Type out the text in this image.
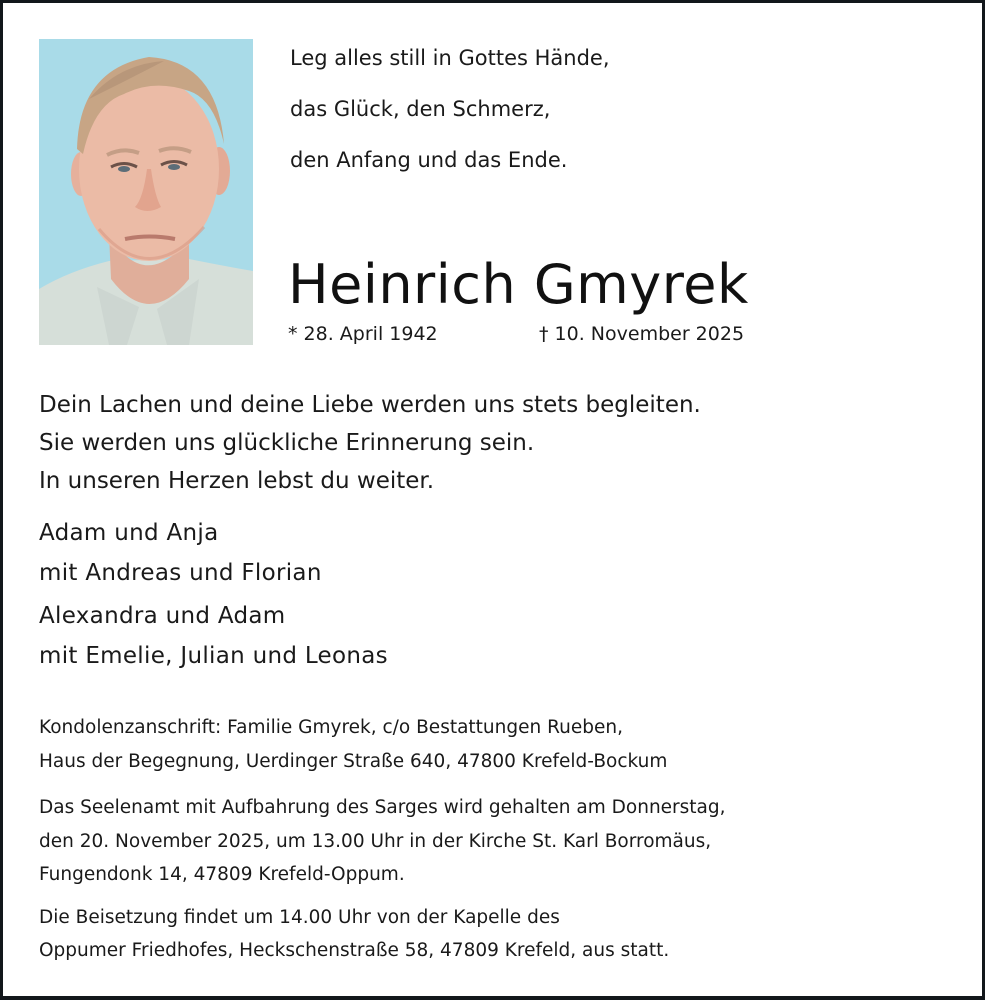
Leg alles still in Gottes Hände,
das Glück, den Schmerz,
den Anfang und das Ende.
Heinrich Gmyrek
* 28. April 1942	† 10. November 2025
Dein Lachen und deine Liebe werden uns stets begleiten.
Sie werden uns glückliche Erinnerung sein.
In unseren Herzen lebst du weiter.
Adam und Anja
mit Andreas und Florian
Alexandra und Adam
mit Emelie, Julian und Leonas
Kondolenzanschrift: Familie Gmyrek, c/o Bestattungen Rueben,
Haus der Begegnung, Uerdinger Straße 640, 47800 Krefeld-Bockum
Das Seelenamt mit Aufbahrung des Sarges wird gehalten am Donnerstag,
den 20. November 2025, um 13.00 Uhr in der Kirche St. Karl Borromäus,
Fungendonk 14, 47809 Krefeld-Oppum.
Die Beisetzung findet um 14.00 Uhr von der Kapelle des
Oppumer Friedhofes, Heckschenstraße 58, 47809 Krefeld, aus statt.
